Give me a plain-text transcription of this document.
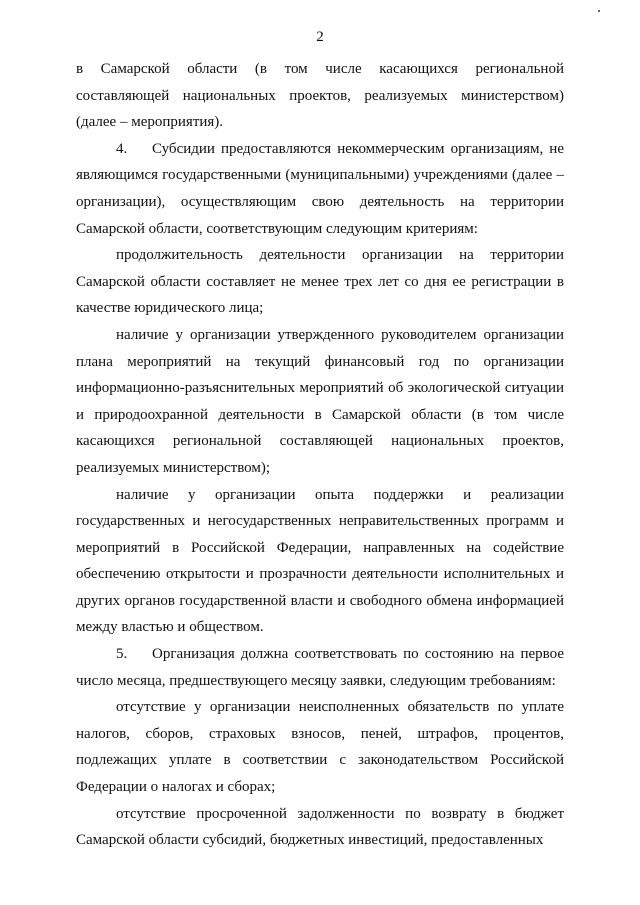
2

в Самарской области (в том числе касающихся региональной составляющей национальных проектов, реализуемых министерством) (далее – мероприятия).

4. Субсидии предоставляются некоммерческим организациям, не являющимся государственными (муниципальными) учреждениями (далее – организации), осуществляющим свою деятельность на территории Самарской области, соответствующим следующим критериям:

продолжительность деятельности организации на территории Самарской области составляет не менее трех лет со дня ее регистрации в качестве юридического лица;

наличие у организации утвержденного руководителем организации плана мероприятий на текущий финансовый год по организации информационно-разъяснительных мероприятий об экологической ситуации и природоохранной деятельности в Самарской области (в том числе касающихся региональной составляющей национальных проектов, реализуемых министерством);

наличие у организации опыта поддержки и реализации государственных и негосударственных неправительственных программ и мероприятий в Российской Федерации, направленных на содействие обеспечению открытости и прозрачности деятельности исполнительных и других органов государственной власти и свободного обмена информацией между властью и обществом.

5. Организация должна соответствовать по состоянию на первое число месяца, предшествующего месяцу заявки, следующим требованиям:

отсутствие у организации неисполненных обязательств по уплате налогов, сборов, страховых взносов, пеней, штрафов, процентов, подлежащих уплате в соответствии с законодательством Российской Федерации о налогах и сборах;

отсутствие просроченной задолженности по возврату в бюджет Самарской области субсидий, бюджетных инвестиций, предоставленных
